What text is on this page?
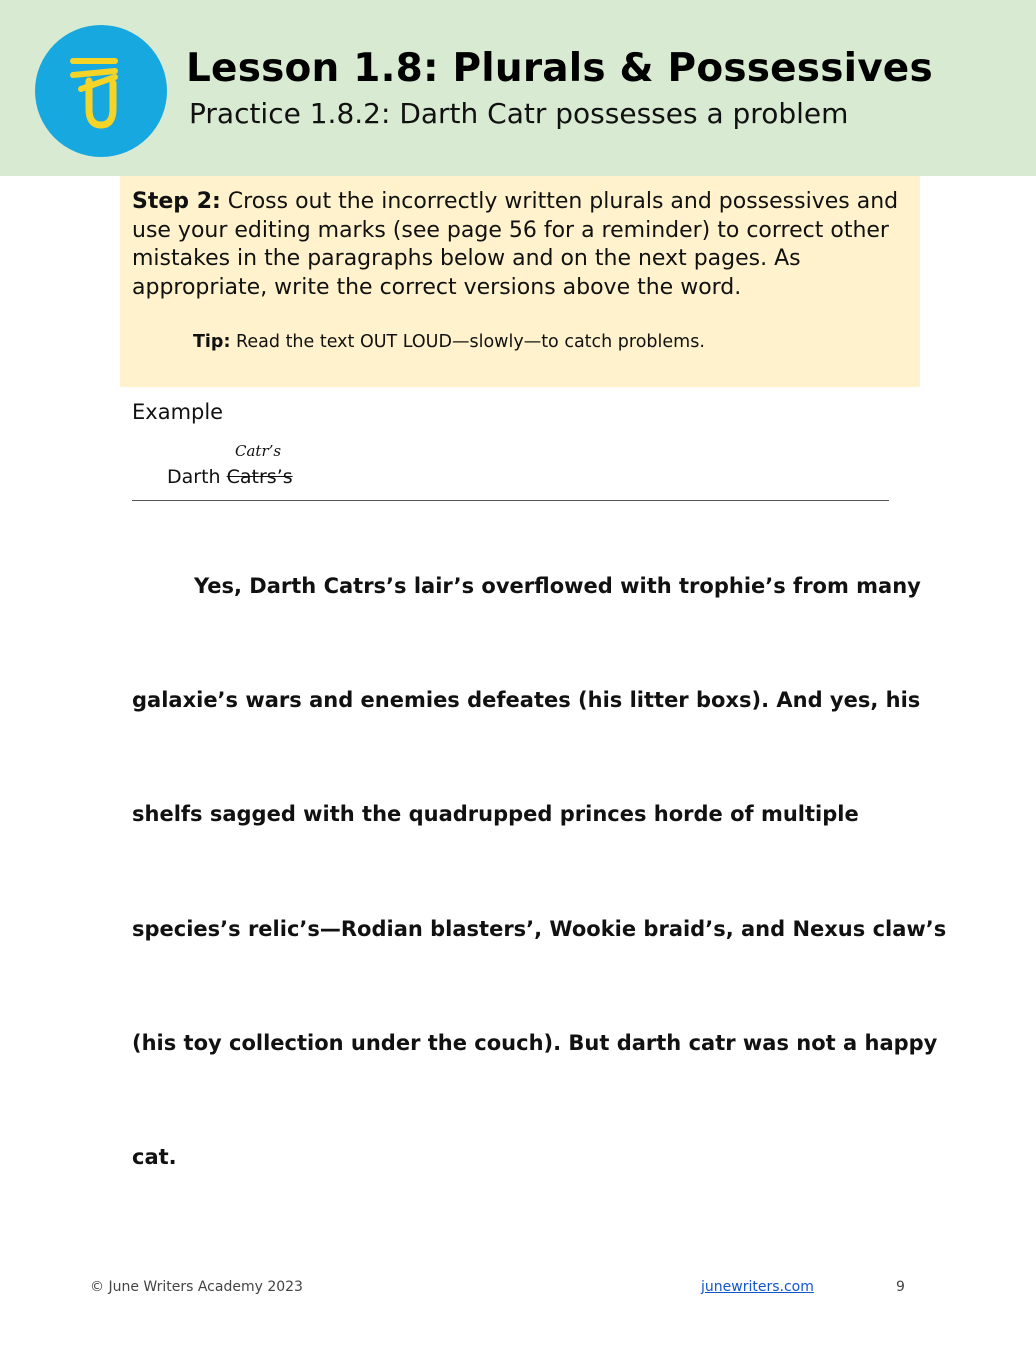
Lesson 1.8: Plurals & Possessives
Practice 1.8.2: Darth Catr possesses a problem
Step 2: Cross out the incorrectly written plurals and possessives and use your editing marks (see page 56 for a reminder) to correct other mistakes in the paragraphs below and on the next pages. As appropriate, write the correct versions above the word.
Tip: Read the text OUT LOUD—slowly—to catch problems.
Example
Catr’s
Darth Catrs’s
Yes, Darth Catrs’s lair’s overflowed with trophie’s from many
galaxie’s wars and enemies defeates (his litter boxs). And yes, his
shelfs sagged with the quadrupped princes horde of multiple
species’s relic’s—Rodian blasters’, Wookie braid’s, and Nexus claw’s
(his toy collection under the couch). But darth catr was not a happy
cat.
© June Writers Academy 2023	junewriters.com	9
